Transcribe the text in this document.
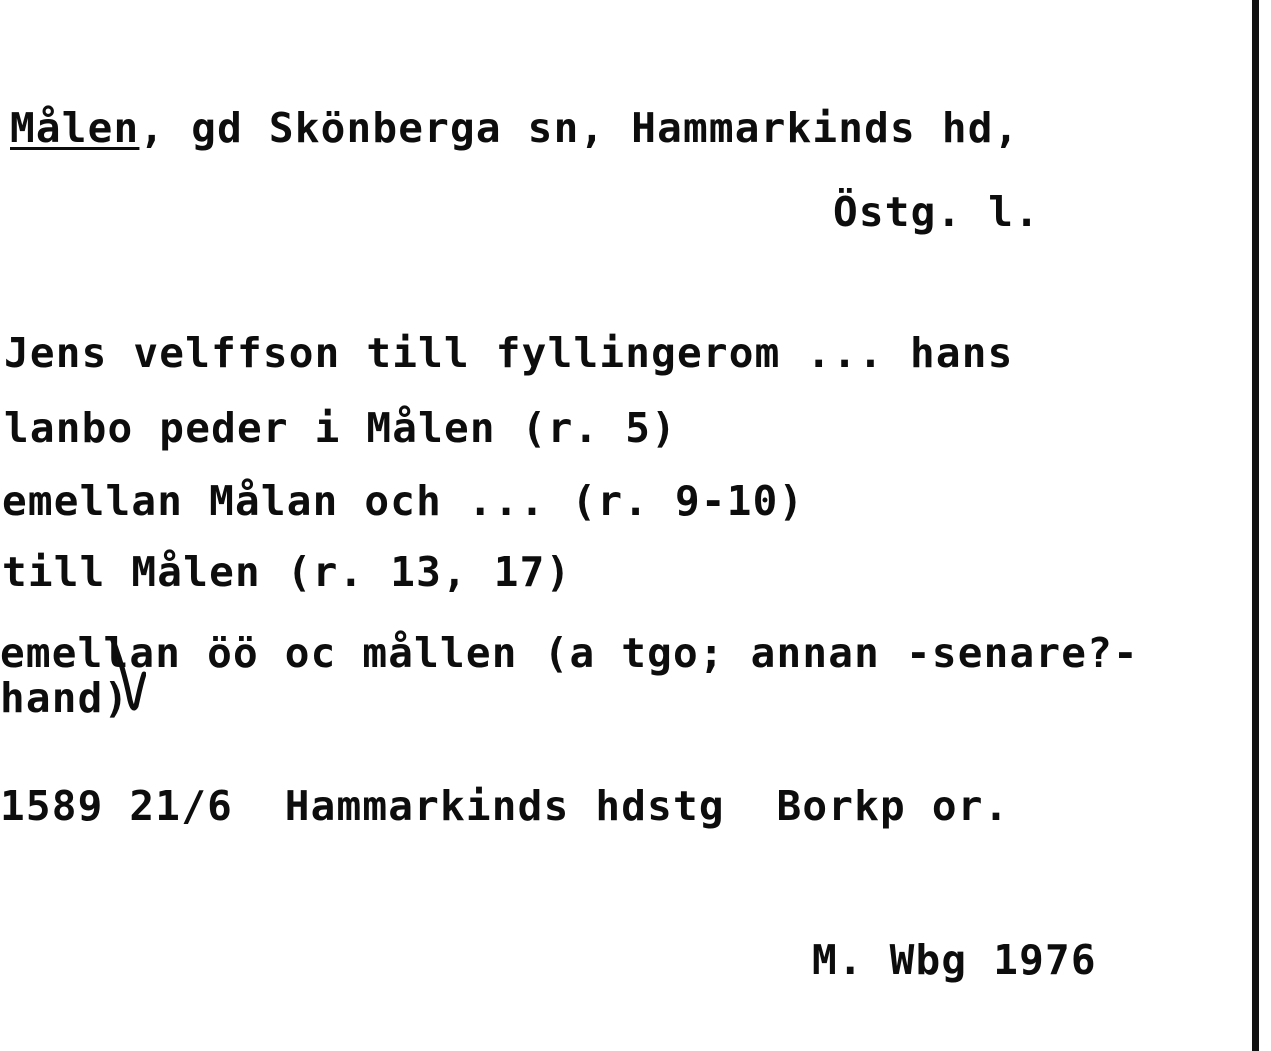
Målen, gd Skönberga sn, Hammarkinds hd,
Östg. l.
Jens velffson till fyllingerom ... hans
lanbo peder i Målen (r. 5)
emellan Målan och ... (r. 9-10)
till Målen (r. 13, 17)
emellan öö oc mållen (a tgo; annan -senare?-
hand)
1589 21/6  Hammarkinds hdstg  Borkp or.
M. Wbg 1976
